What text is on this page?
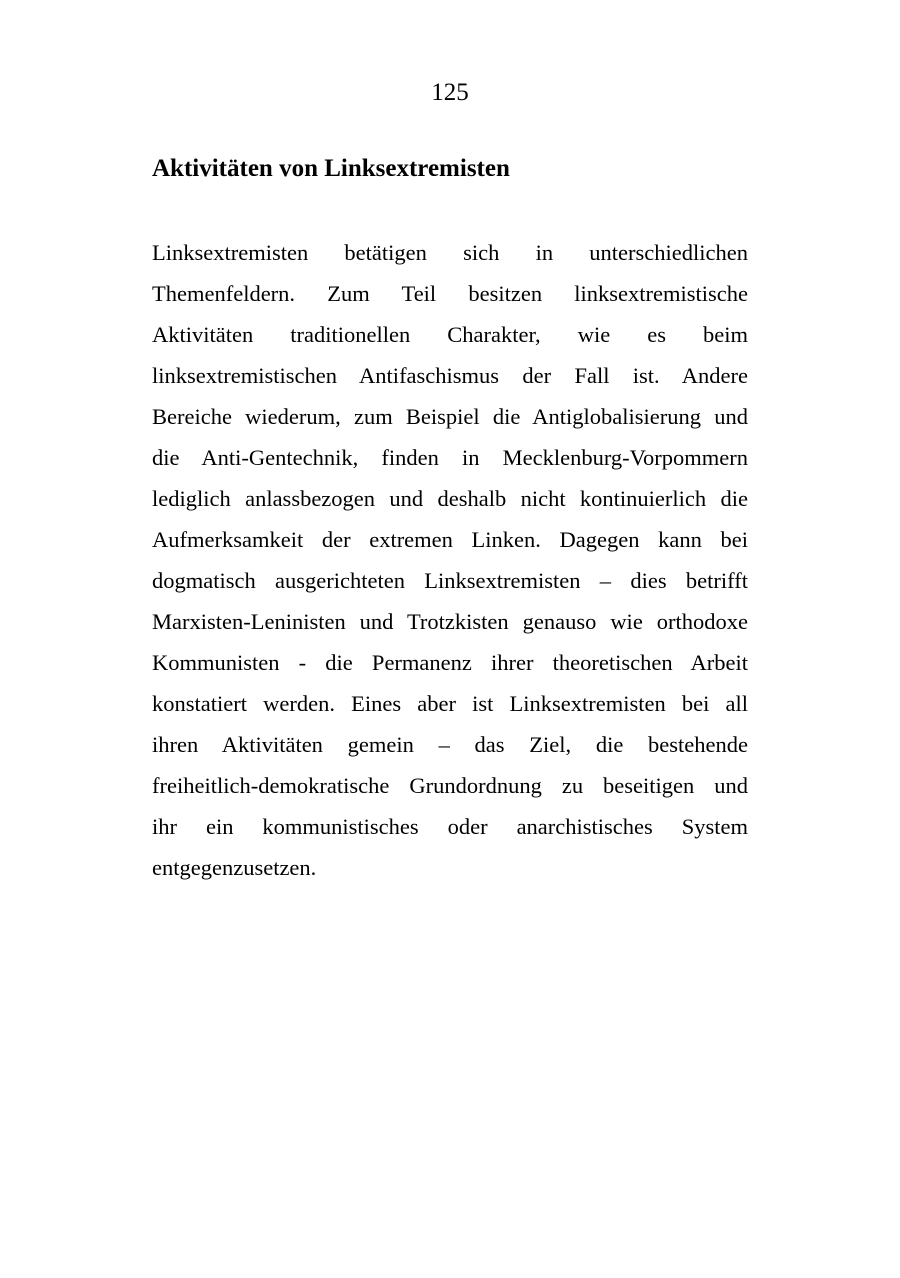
125
Aktivitäten von Linksextremisten
Linksextremisten betätigen sich in unterschiedlichen
Themenfeldern. Zum Teil besitzen linksextremistische
Aktivitäten traditionellen Charakter, wie es beim
linksextremistischen Antifaschismus der Fall ist. Andere
Bereiche wiederum, zum Beispiel die Antiglobalisierung und
die Anti-Gentechnik, finden in Mecklenburg-Vorpommern
lediglich anlassbezogen und deshalb nicht kontinuierlich die
Aufmerksamkeit der extremen Linken. Dagegen kann bei
dogmatisch ausgerichteten Linksextremisten – dies betrifft
Marxisten-Leninisten und Trotzkisten genauso wie orthodoxe
Kommunisten - die Permanenz ihrer theoretischen Arbeit
konstatiert werden. Eines aber ist Linksextremisten bei all
ihren Aktivitäten gemein – das Ziel, die bestehende
freiheitlich-demokratische Grundordnung zu beseitigen und
ihr ein kommunistisches oder anarchistisches System
entgegenzusetzen.
